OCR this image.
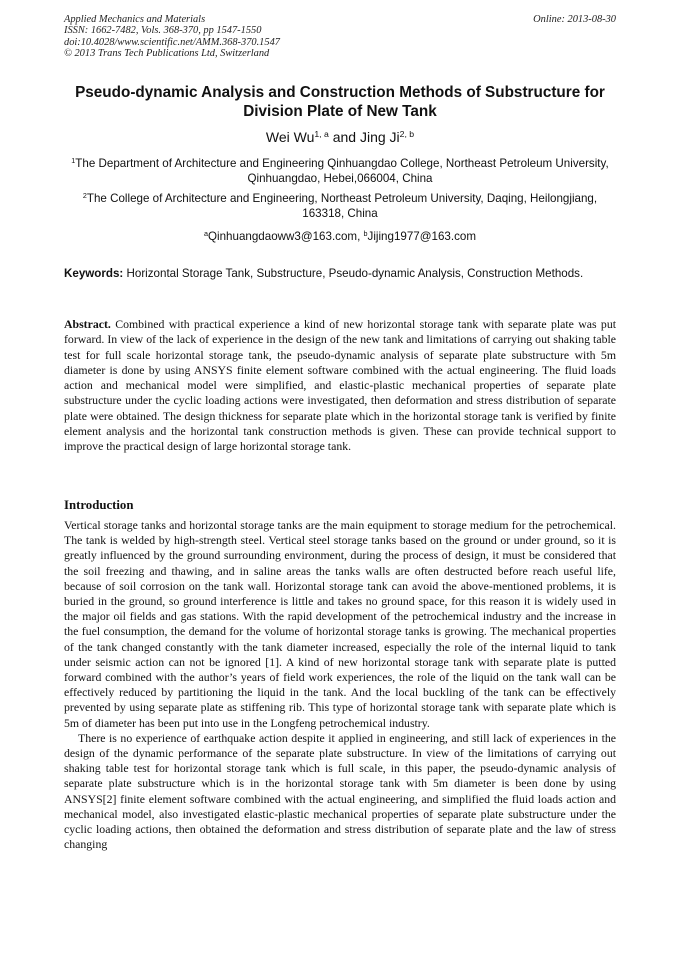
Applied Mechanics and Materials
ISSN: 1662-7482, Vols. 368-370, pp 1547-1550
doi:10.4028/www.scientific.net/AMM.368-370.1547
© 2013 Trans Tech Publications Ltd, Switzerland
Online: 2013-08-30
Pseudo-dynamic Analysis and Construction Methods of Substructure for Division Plate of New Tank
Wei Wu$^{1, a}$ and Jing Ji$^{2, b}$
$^1$The Department of Architecture and Engineering Qinhuangdao College, Northeast Petroleum University, Qinhuangdao, Hebei,066004, China
$^2$The College of Architecture and Engineering, Northeast Petroleum University, Daqing, Heilongjiang, 163318, China
$^a$Qinhuangdaoww3@163.com, $^b$Jijing1977@163.com
Keywords: Horizontal Storage Tank, Substructure, Pseudo-dynamic Analysis, Construction Methods.
Abstract. Combined with practical experience a kind of new horizontal storage tank with separate plate was put forward. In view of the lack of experience in the design of the new tank and limitations of carrying out shaking table test for full scale horizontal storage tank, the pseudo-dynamic analysis of separate plate substructure with 5m diameter is done by using ANSYS finite element software combined with the actual engineering. The fluid loads action and mechanical model were simplified, and elastic-plastic mechanical properties of separate plate substructure under the cyclic loading actions were investigated, then deformation and stress distribution of separate plate were obtained. The design thickness for separate plate which in the horizontal storage tank is verified by finite element analysis and the horizontal tank construction methods is given. These can provide technical support to improve the practical design of large horizontal storage tank.
Introduction

Vertical storage tanks and horizontal storage tanks are the main equipment to storage medium for the petrochemical. The tank is welded by high-strength steel. Vertical steel storage tanks based on the ground or under ground, so it is greatly influenced by the ground surrounding environment, during the process of design, it must be considered that the soil freezing and thawing, and in saline areas the tanks walls are often destructed before reach useful life, because of soil corrosion on the tank wall. Horizontal storage tank can avoid the above-mentioned problems, it is buried in the ground, so ground interference is little and takes no ground space, for this reason it is widely used in the major oil fields and gas stations. With the rapid development of the petrochemical industry and the increase in the fuel consumption, the demand for the volume of horizontal storage tanks is growing. The mechanical properties of the tank changed constantly with the tank diameter increased, especially the role of the internal liquid to tank under seismic action can not be ignored [1]. A kind of new horizontal storage tank with separate plate is putted forward combined with the author’s years of field work experiences, the role of the liquid on the tank wall can be effectively reduced by partitioning the liquid in the tank. And the local buckling of the tank can be effectively prevented by using separate plate as stiffening rib. This type of horizontal storage tank with separate plate which is 5m of diameter has been put into use in the Longfeng petrochemical industry.

There is no experience of earthquake action despite it applied in engineering, and still lack of experiences in the design of the dynamic performance of the separate plate substructure. In view of the limitations of carrying out shaking table test for horizontal storage tank which is full scale, in this paper, the pseudo-dynamic analysis of separate plate substructure which is in the horizontal storage tank with 5m diameter is been done by using ANSYS[2] finite element software combined with the actual engineering, and simplified the fluid loads action and mechanical model, also investigated elastic-plastic mechanical properties of separate plate substructure under the cyclic loading actions, then obtained the deformation and stress distribution of separate plate and the law of stress changing
